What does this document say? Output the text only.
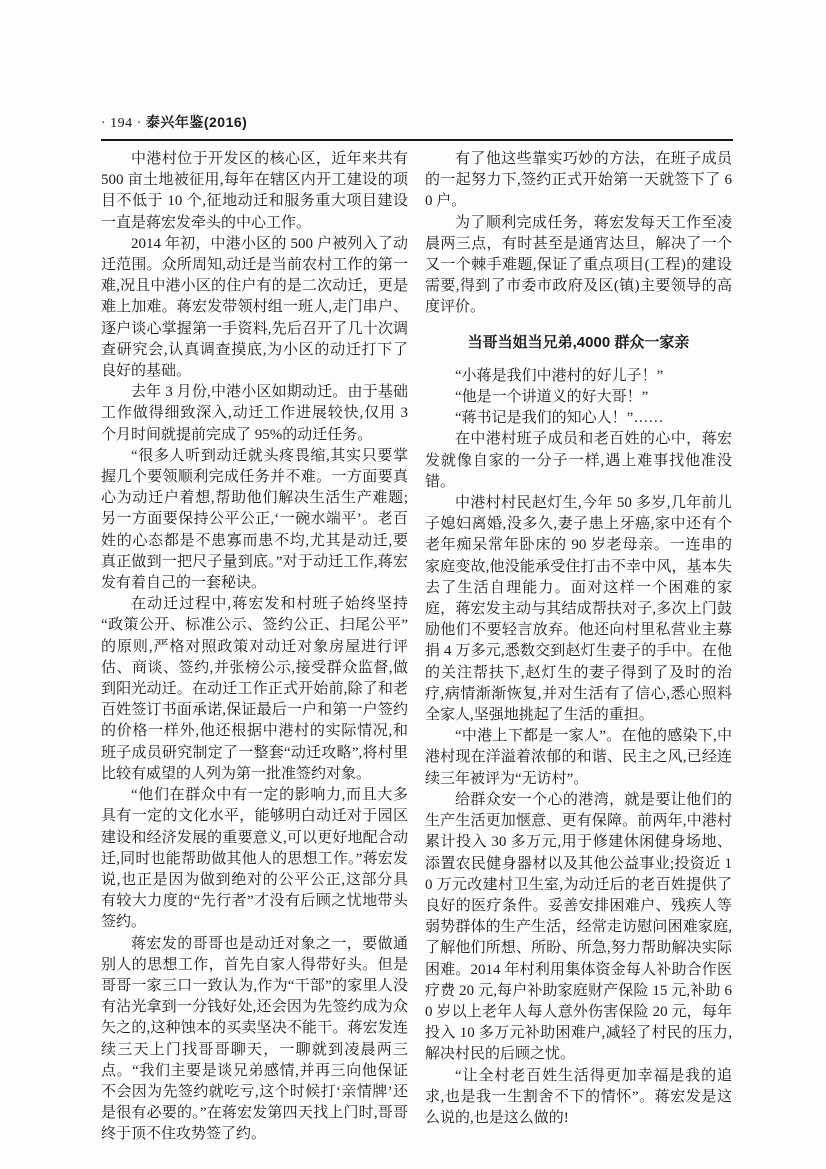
· 194 · 泰兴年鉴(2016)

中港村位于开发区的核心区，近年来共有 500 亩土地被征用,每年在辖区内开工建设的项目不低于 10 个,征地动迁和服务重大项目建设一直是蒋宏发牵头的中心工作。

2014 年初，中港小区的 500 户被列入了动迁范围。众所周知,动迁是当前农村工作的第一难,况且中港小区的住户有的是二次动迁，更是难上加难。蒋宏发带领村组一班人,走门串户、逐户谈心掌握第一手资料,先后召开了几十次调查研究会,认真调查摸底,为小区的动迁打下了良好的基础。

去年 3 月份,中港小区如期动迁。由于基础工作做得细致深入,动迁工作进展较快,仅用 3 个月时间就提前完成了 95%的动迁任务。

“很多人听到动迁就头疼畏缩,其实只要掌握几个要领顺利完成任务并不难。一方面要真心为动迁户着想,帮助他们解决生活生产难题;另一方面要保持公平公正,‘一碗水端平’。老百姓的心态都是不患寡而患不均,尤其是动迁,要真正做到一把尺子量到底。”对于动迁工作,蒋宏发有着自己的一套秘诀。

在动迁过程中,蒋宏发和村班子始终坚持“政策公开、标准公示、签约公正、扫尾公平”的原则,严格对照政策对动迁对象房屋进行评估、商谈、签约,并张榜公示,接受群众监督,做到阳光动迁。在动迁工作正式开始前,除了和老百姓签订书面承诺,保证最后一户和第一户签约的价格一样外,他还根据中港村的实际情况,和班子成员研究制定了一整套“动迁攻略”,将村里比较有威望的人列为第一批准签约对象。

“他们在群众中有一定的影响力,而且大多具有一定的文化水平，能够明白动迁对于园区建设和经济发展的重要意义,可以更好地配合动迁,同时也能帮助做其他人的思想工作。”蒋宏发说,也正是因为做到绝对的公平公正,这部分具有较大力度的“先行者”才没有后顾之忧地带头签约。

蒋宏发的哥哥也是动迁对象之一，要做通别人的思想工作，首先自家人得带好头。但是哥哥一家三口一致认为,作为“干部”的家里人没有沾光拿到一分钱好处,还会因为先签约成为众矢之的,这种蚀本的买卖坚决不能干。蒋宏发连续三天上门找哥哥聊天，一聊就到凌晨两三点。“我们主要是谈兄弟感情,并再三向他保证不会因为先签约就吃亏,这个时候打‘亲情牌’还是很有必要的。”在蒋宏发第四天找上门时,哥哥终于顶不住攻势签了约。

有了他这些靠实巧妙的方法，在班子成员的一起努力下,签约正式开始第一天就签下了 60 户。

为了顺利完成任务，蒋宏发每天工作至凌晨两三点，有时甚至是通宵达旦，解决了一个又一个棘手难题,保证了重点项目(工程)的建设需要,得到了市委市政府及区(镇)主要领导的高度评价。

当哥当姐当兄弟,4000 群众一家亲

“小蒋是我们中港村的好儿子！”

“他是一个讲道义的好大哥！”

“蒋书记是我们的知心人！”……

在中港村班子成员和老百姓的心中，蒋宏发就像自家的一分子一样,遇上难事找他准没错。

中港村村民赵灯生,今年 50 多岁,几年前儿子媳妇离婚,没多久,妻子患上牙癌,家中还有个老年痴呆常年卧床的 90 岁老母亲。一连串的家庭变故,他没能承受住打击不幸中风，基本失去了生活自理能力。面对这样一个困难的家庭，蒋宏发主动与其结成帮扶对子,多次上门鼓励他们不要轻言放弃。他还向村里私营业主募捐 4 万多元,悉数交到赵灯生妻子的手中。在他的关注帮扶下,赵灯生的妻子得到了及时的治疗,病情渐渐恢复,并对生活有了信心,悉心照料全家人,坚强地挑起了生活的重担。

“中港上下都是一家人”。在他的感染下,中港村现在洋溢着浓郁的和谐、民主之风,已经连续三年被评为“无访村”。

给群众安一个心的港湾，就是要让他们的生产生活更加惬意、更有保障。前两年,中港村累计投入 30 多万元,用于修建休闲健身场地、添置农民健身器材以及其他公益事业;投资近 10 万元改建村卫生室,为动迁后的老百姓提供了良好的医疗条件。妥善安排困难户、残疾人等弱势群体的生产生活，经常走访慰问困难家庭,了解他们所想、所盼、所急,努力帮助解决实际困难。2014 年村利用集体资金每人补助合作医疗费 20 元,每户补助家庭财产保险 15 元,补助 60 岁以上老年人每人意外伤害保险 20 元，每年投入 10 多万元补助困难户,减轻了村民的压力,解决村民的后顾之忧。

“让全村老百姓生活得更加幸福是我的追求,也是我一生割舍不下的情怀”。蒋宏发是这么说的,也是这么做的!
